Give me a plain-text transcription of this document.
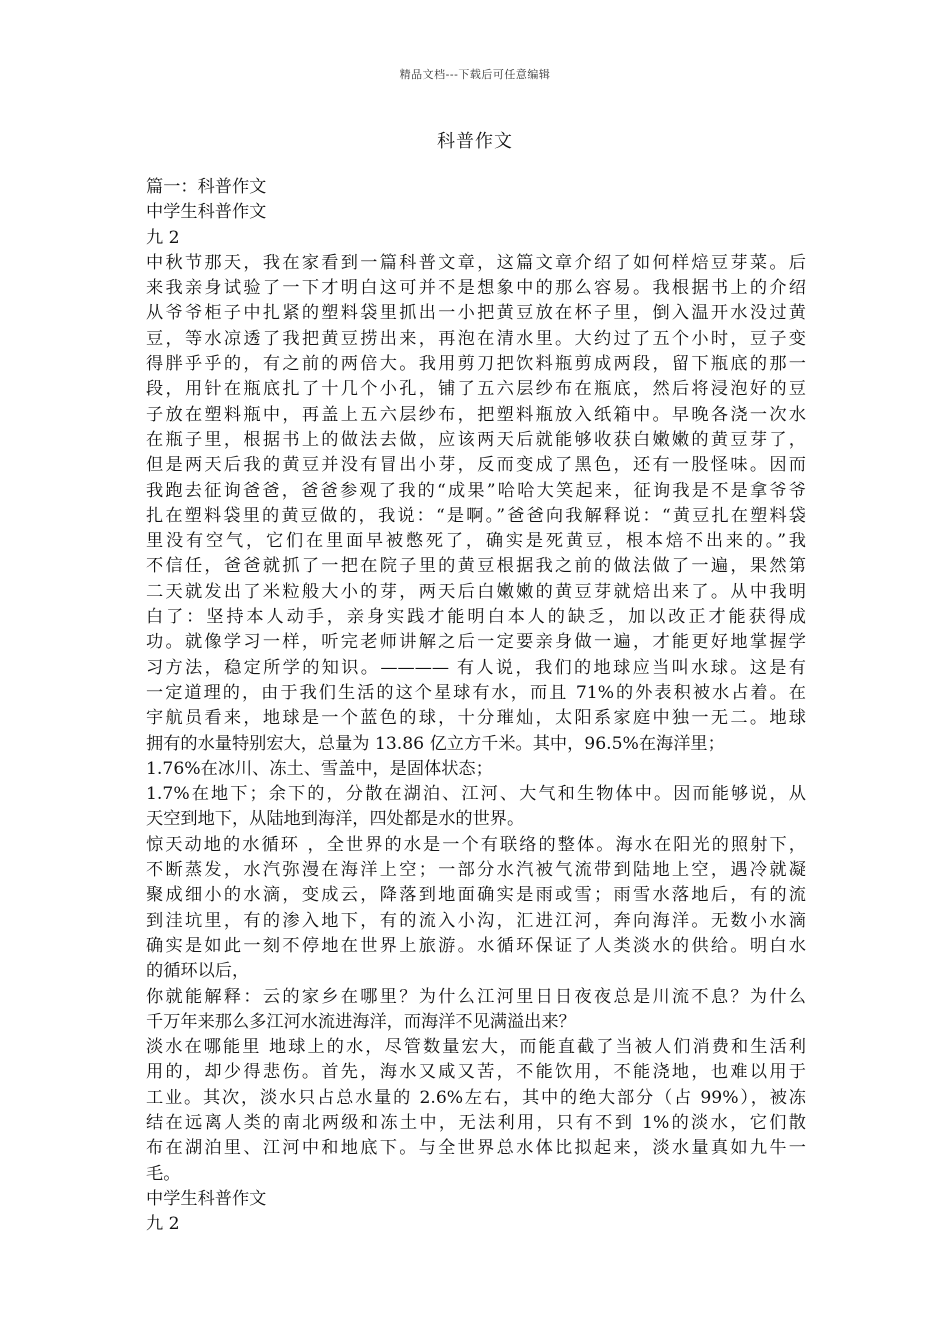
精品文档---下载后可任意编辑
科普作文
篇一：科普作文
中学生科普作文
九 2
中秋节那天，我在家看到一篇科普文章，这篇文章介绍了如何样焙豆芽菜。后
来我亲身试验了一下才明白这可并不是想象中的那么容易。我根据书上的介绍
从爷爷柜子中扎紧的塑料袋里抓出一小把黄豆放在杯子里，倒入温开水没过黄
豆，等水凉透了我把黄豆捞出来，再泡在清水里。大约过了五个小时，豆子变
得胖乎乎的，有之前的两倍大。我用剪刀把饮料瓶剪成两段，留下瓶底的那一
段，用针在瓶底扎了十几个小孔，铺了五六层纱布在瓶底，然后将浸泡好的豆
子放在塑料瓶中，再盖上五六层纱布，把塑料瓶放入纸箱中。早晚各浇一次水
在瓶子里，根据书上的做法去做，应该两天后就能够收获白嫩嫩的黄豆芽了，
但是两天后我的黄豆并没有冒出小芽，反而变成了黑色，还有一股怪味。因而
我跑去征询爸爸，爸爸参观了我的“成果”哈哈大笑起来，征询我是不是拿爷爷
扎在塑料袋里的黄豆做的，我说：“是啊。”爸爸向我解释说：“黄豆扎在塑料袋
里没有空气，它们在里面早被憋死了，确实是死黄豆，根本焙不出来的。”我
不信任，爸爸就抓了一把在院子里的黄豆根据我之前的做法做了一遍，果然第
二天就发出了米粒般大小的芽，两天后白嫩嫩的黄豆芽就焙出来了。从中我明
白了：坚持本人动手，亲身实践才能明白本人的缺乏，加以改正才能获得成
功。就像学习一样，听完老师讲解之后一定要亲身做一遍，才能更好地掌握学
习方法，稳定所学的知识。———— 有人说，我们的地球应当叫水球。这是有
一定道理的，由于我们生活的这个星球有水，而且 71%的外表积被水占着。在
宇航员看来，地球是一个蓝色的球，十分璀灿，太阳系家庭中独一无二。地球
拥有的水量特别宏大，总量为 13.86 亿立方千米。其中，96.5%在海洋里；
1.76%在冰川、冻土、雪盖中，是固体状态；
1.7%在地下；余下的，分散在湖泊、江河、大气和生物体中。因而能够说，从
天空到地下，从陆地到海洋，四处都是水的世界。
惊天动地的水循环 ，全世界的水是一个有联络的整体。海水在阳光的照射下，
不断蒸发，水汽弥漫在海洋上空；一部分水汽被气流带到陆地上空，遇冷就凝
聚成细小的水滴，变成云，降落到地面确实是雨或雪；雨雪水落地后，有的流
到洼坑里，有的渗入地下，有的流入小沟，汇进江河，奔向海洋。无数小水滴
确实是如此一刻不停地在世界上旅游。水循环保证了人类淡水的供给。明白水
的循环以后，
你就能解释：云的家乡在哪里？为什么江河里日日夜夜总是川流不息？为什么
千万年来那么多江河水流进海洋，而海洋不见满溢出来？
淡水在哪能里 地球上的水，尽管数量宏大，而能直截了当被人们消费和生活利
用的，却少得悲伤。首先，海水又咸又苦，不能饮用，不能浇地，也难以用于
工业。其次，淡水只占总水量的 2.6%左右，其中的绝大部分（占 99%），被冻
结在远离人类的南北两级和冻土中，无法利用，只有不到 1%的淡水，它们散
布在湖泊里、江河中和地底下。与全世界总水体比拟起来，淡水量真如九牛一
毛。
中学生科普作文
九 2
